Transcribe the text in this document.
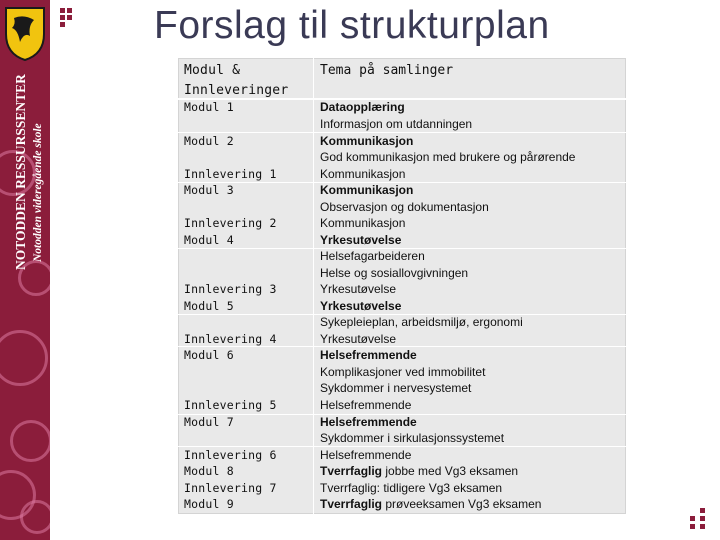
NOTODDEN RESSURSSENTER Notodden videregående skole
Forslag til strukturplan
Modul & Innleveringer
Tema på samlinger
Modul 1
Modul 2
Innlevering 1
Modul 3
Innlevering 2
Modul 4
Innlevering 3
Modul 5
Innlevering 4
Modul 6
Innlevering 5
Modul 7
Innlevering 6
Modul 8
Innlevering 7
Modul 9
Dataopplæring
Informasjon om utdanningen
Kommunikasjon
God kommunikasjon med brukere og pårørende
Kommunikasjon
Kommunikasjon
Observasjon og dokumentasjon
Kommunikasjon
Yrkesutøvelse
Helsefagarbeideren
Helse og sosiallovgivningen
Yrkesutøvelse
Yrkesutøvelse
Sykepleieplan, arbeidsmiljø, ergonomi
Yrkesutøvelse
Helsefremmende
Komplikasjoner ved immobilitet
Sykdommer i nervesystemet
Helsefremmende
Helsefremmende
Sykdommer i sirkulasjonssystemet
Helsefremmende
Tverrfaglig jobbe med Vg3 eksamen
Tverrfaglig: tidligere Vg3 eksamen
Tverrfaglig prøveeksamen Vg3 eksamen
